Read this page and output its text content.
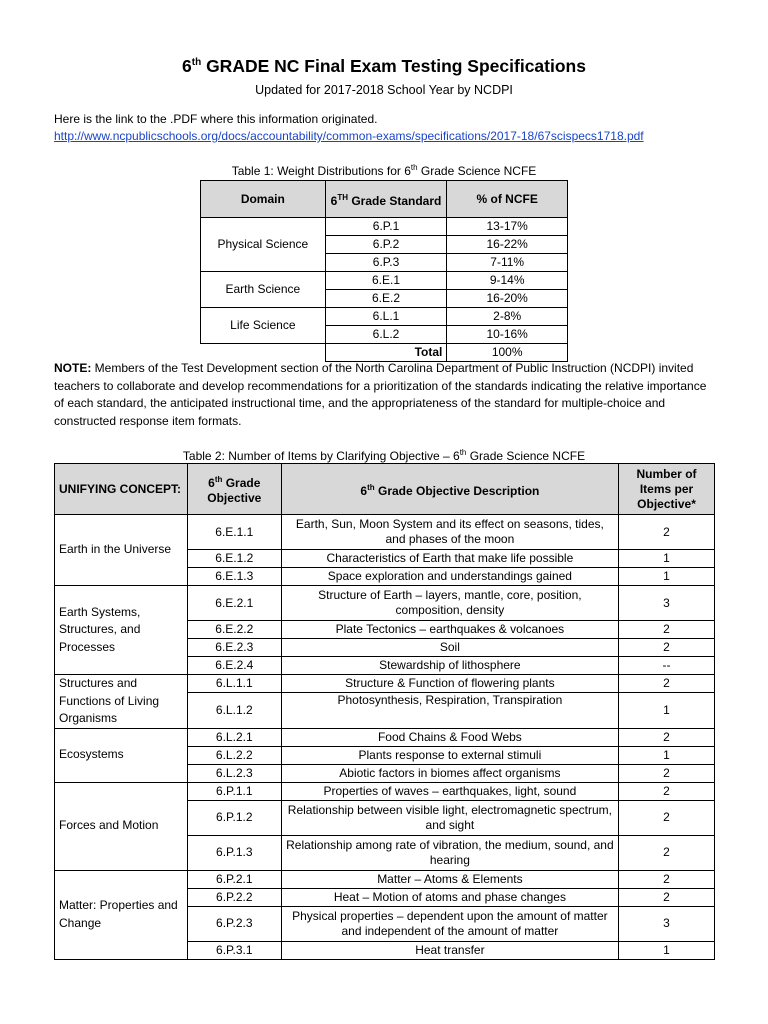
6th GRADE NC Final Exam Testing Specifications
Updated for 2017-2018 School Year by NCDPI
Here is the link to the .PDF where this information originated.
http://www.ncpublicschools.org/docs/accountability/common-exams/specifications/2017-18/67scispecs1718.pdf
Table 1: Weight Distributions for 6th Grade Science NCFE
Domain	6TH Grade Standard	% of NCFE
Physical Science	6.P.1	13-17%
	6.P.2	16-22%
	6.P.3	7-11%
Earth Science	6.E.1	9-14%
	6.E.2	16-20%
Life Science	6.L.1	2-8%
	6.L.2	10-16%
	Total	100%
NOTE: Members of the Test Development section of the North Carolina Department of Public Instruction (NCDPI) invited teachers to collaborate and develop recommendations for a prioritization of the standards indicating the relative importance of each standard, the anticipated instructional time, and the appropriateness of the standard for multiple-choice and constructed response item formats.
Table 2: Number of Items by Clarifying Objective – 6th Grade Science NCFE
UNIFYING CONCEPT:	6th Grade Objective	6th Grade Objective Description	Number of Items per Objective*
Earth in the Universe	6.E.1.1	Earth, Sun, Moon System and its effect on seasons, tides, and phases of the moon	2
	6.E.1.2	Characteristics of Earth that make life possible	1
	6.E.1.3	Space exploration and understandings gained	1
Earth Systems, Structures, and Processes	6.E.2.1	Structure of Earth – layers, mantle, core, position, composition, density	3
	6.E.2.2	Plate Tectonics – earthquakes & volcanoes	2
	6.E.2.3	Soil	2
	6.E.2.4	Stewardship of lithosphere	--
Structures and Functions of Living Organisms	6.L.1.1	Structure & Function of flowering plants	2
	6.L.1.2	Photosynthesis, Respiration, Transpiration	1
Ecosystems	6.L.2.1	Food Chains & Food Webs	2
	6.L.2.2	Plants response to external stimuli	1
	6.L.2.3	Abiotic factors in biomes affect organisms	2
Forces and Motion	6.P.1.1	Properties of waves – earthquakes, light, sound	2
	6.P.1.2	Relationship between visible light, electromagnetic spectrum, and sight	2
	6.P.1.3	Relationship among rate of vibration, the medium, sound, and hearing	2
Matter: Properties and Change	6.P.2.1	Matter – Atoms & Elements	2
	6.P.2.2	Heat – Motion of atoms and phase changes	2
	6.P.2.3	Physical properties – dependent upon the amount of matter and independent of the amount of matter	3
	6.P.3.1	Heat transfer	1
